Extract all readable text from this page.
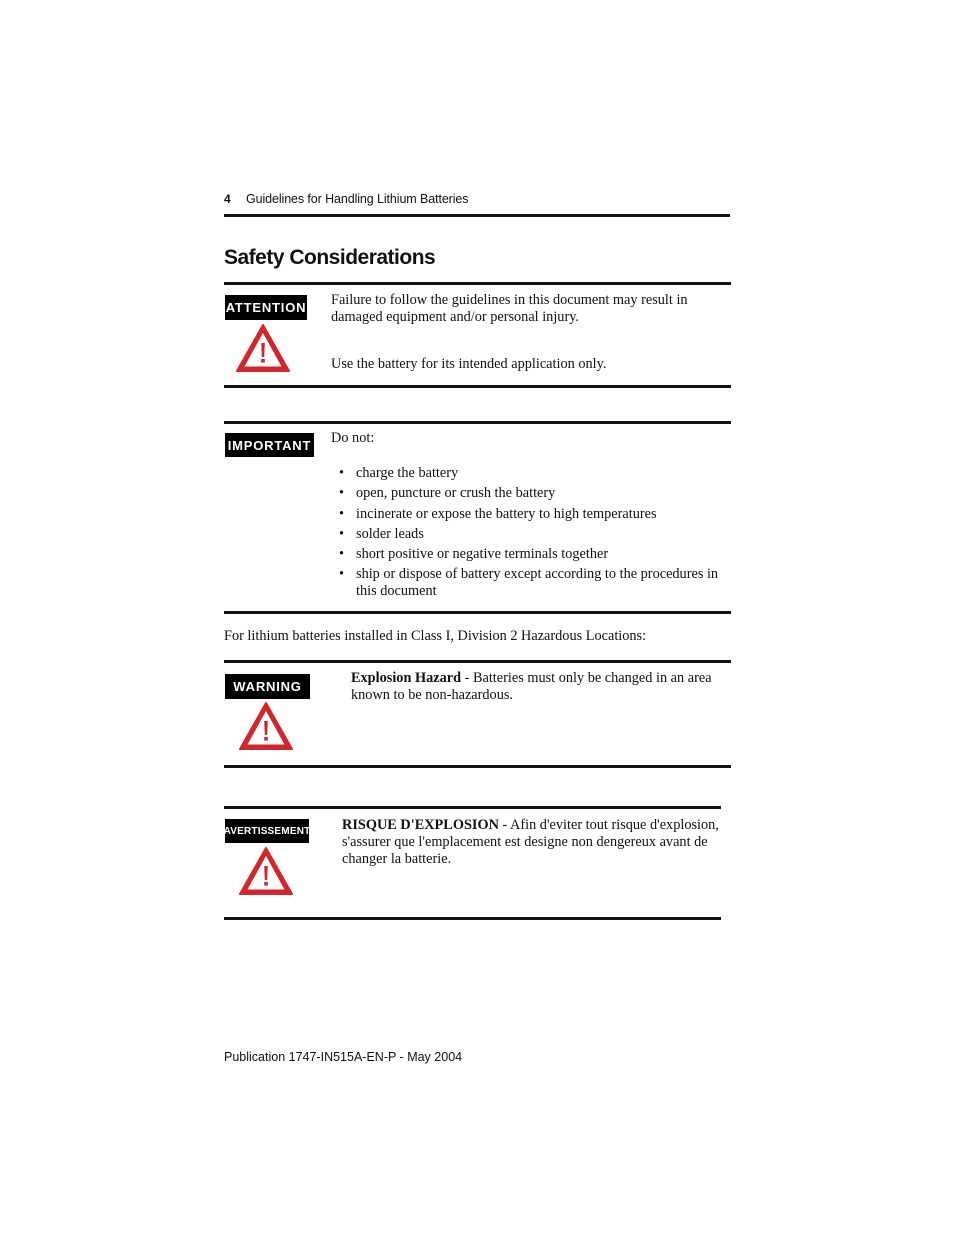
4 Guidelines for Handling Lithium Batteries
Safety Considerations
ATTENTION Failure to follow the guidelines in this document may result in damaged equipment and/or personal injury.
Use the battery for its intended application only.
IMPORTANT Do not:
• charge the battery
• open, puncture or crush the battery
• incinerate or expose the battery to high temperatures
• solder leads
• short positive or negative terminals together
• ship or dispose of battery except according to the procedures in this document
For lithium batteries installed in Class I, Division 2 Hazardous Locations:
WARNING
Explosion Hazard - Batteries must only be changed in an area known to be non-hazardous.
AVERTISSEMENT RISQUE D'EXPLOSION - Afin d'eviter tout risque d'explosion, s'assurer que l'emplacement est designe non dengereux avant de changer la batterie.
Publication 1747-IN515A-EN-P - May 2004
